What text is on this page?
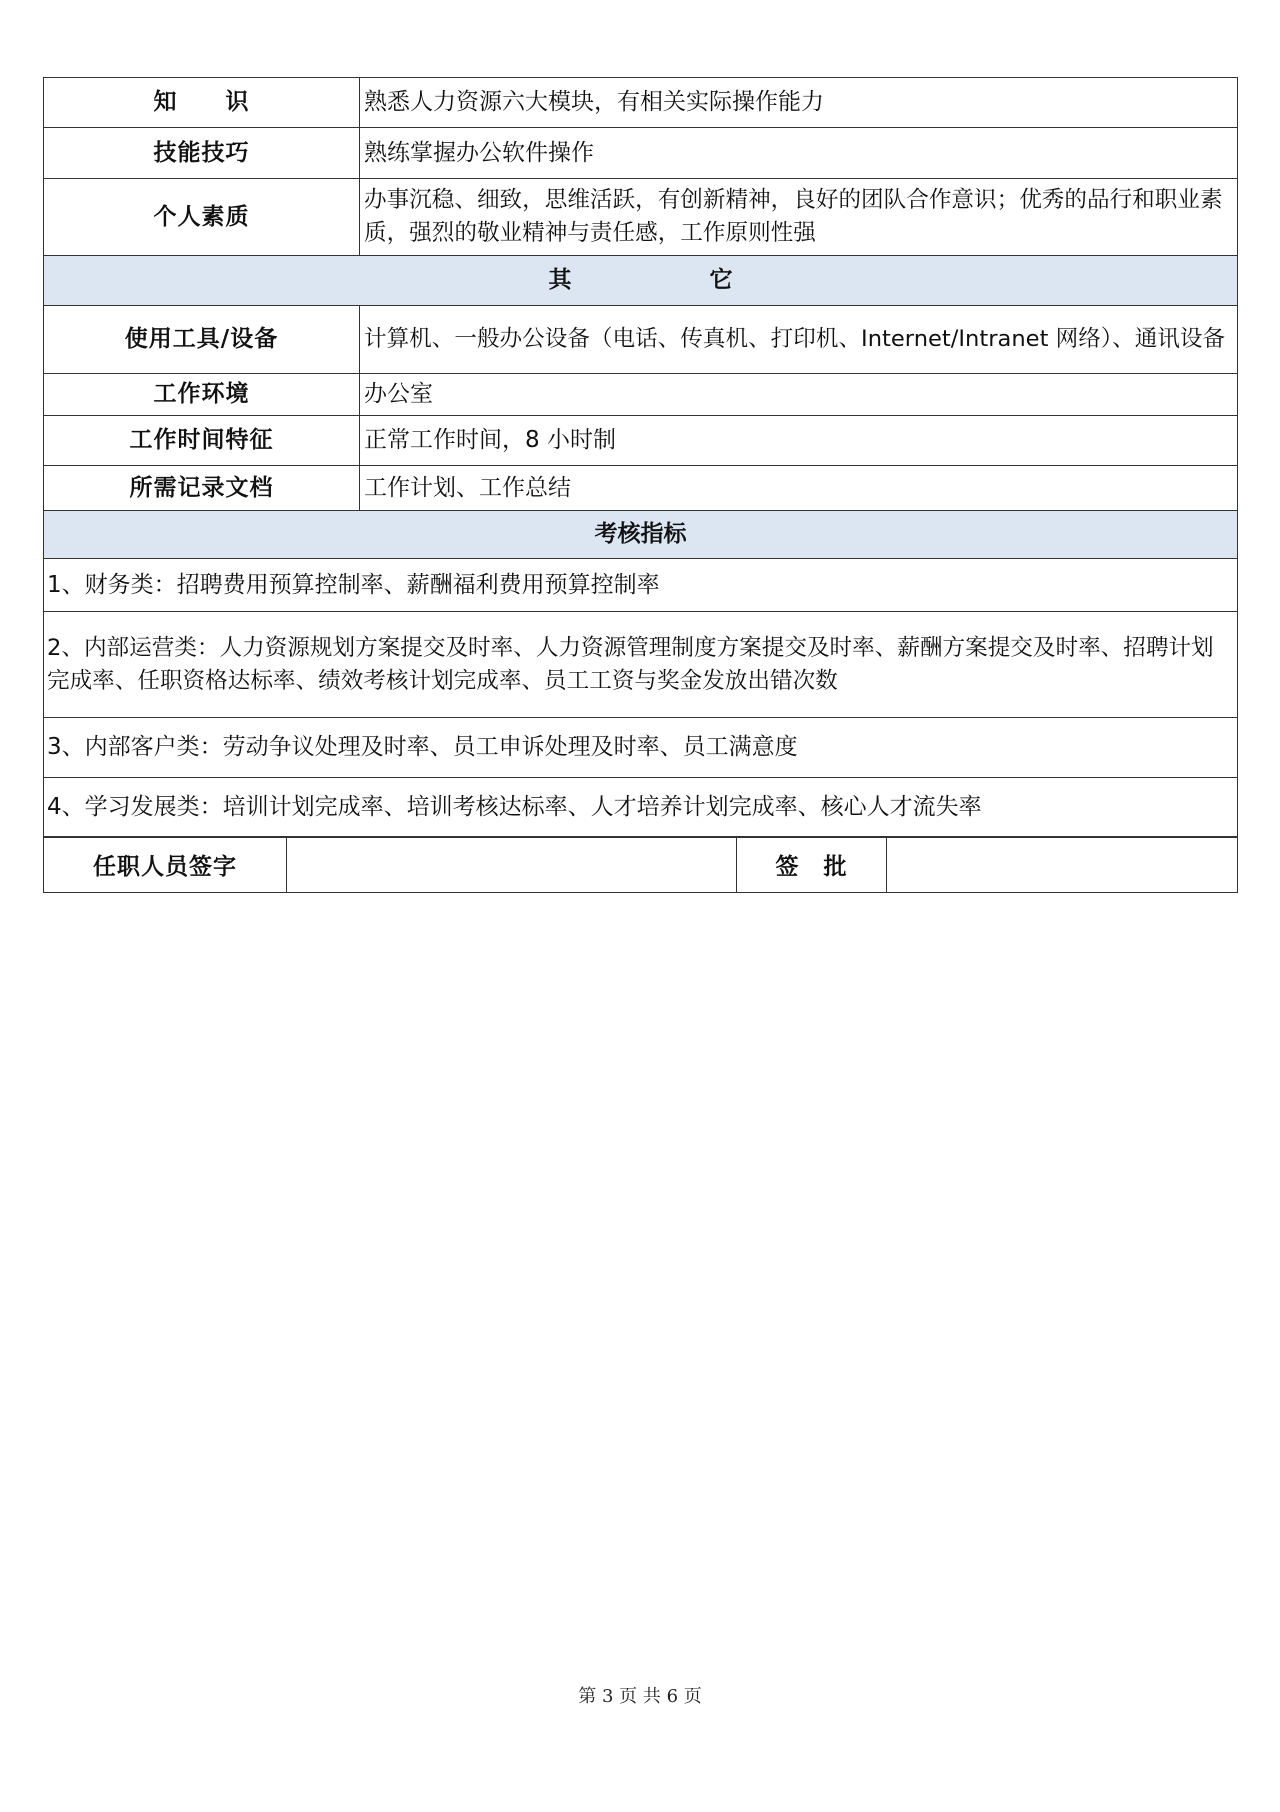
知　　识	熟悉人力资源六大模块，有相关实际操作能力
技能技巧	熟练掌握办公软件操作
个人素质	办事沉稳、细致，思维活跃，有创新精神，良好的团队合作意识；优秀的品行和职业素质，强烈的敬业精神与责任感，工作原则性强
其　　　　　　它	
使用工具/设备	计算机、一般办公设备（电话、传真机、打印机、Internet/Intranet 网络）、通讯设备
工作环境	办公室
工作时间特征	正常工作时间，8 小时制
所需记录文档	工作计划、工作总结
考核指标	
1、财务类：招聘费用预算控制率、薪酬福利费用预算控制率	
2、内部运营类：人力资源规划方案提交及时率、人力资源管理制度方案提交及时率、薪酬方案提交及时率、招聘计划完成率、任职资格达标率、绩效考核计划完成率、员工工资与奖金发放出错次数	
3、内部客户类：劳动争议处理及时率、员工申诉处理及时率、员工满意度	
4、学习发展类：培训计划完成率、培训考核达标率、人才培养计划完成率、核心人才流失率	
任职人员签字		签　批	
第 3 页 共 6 页
